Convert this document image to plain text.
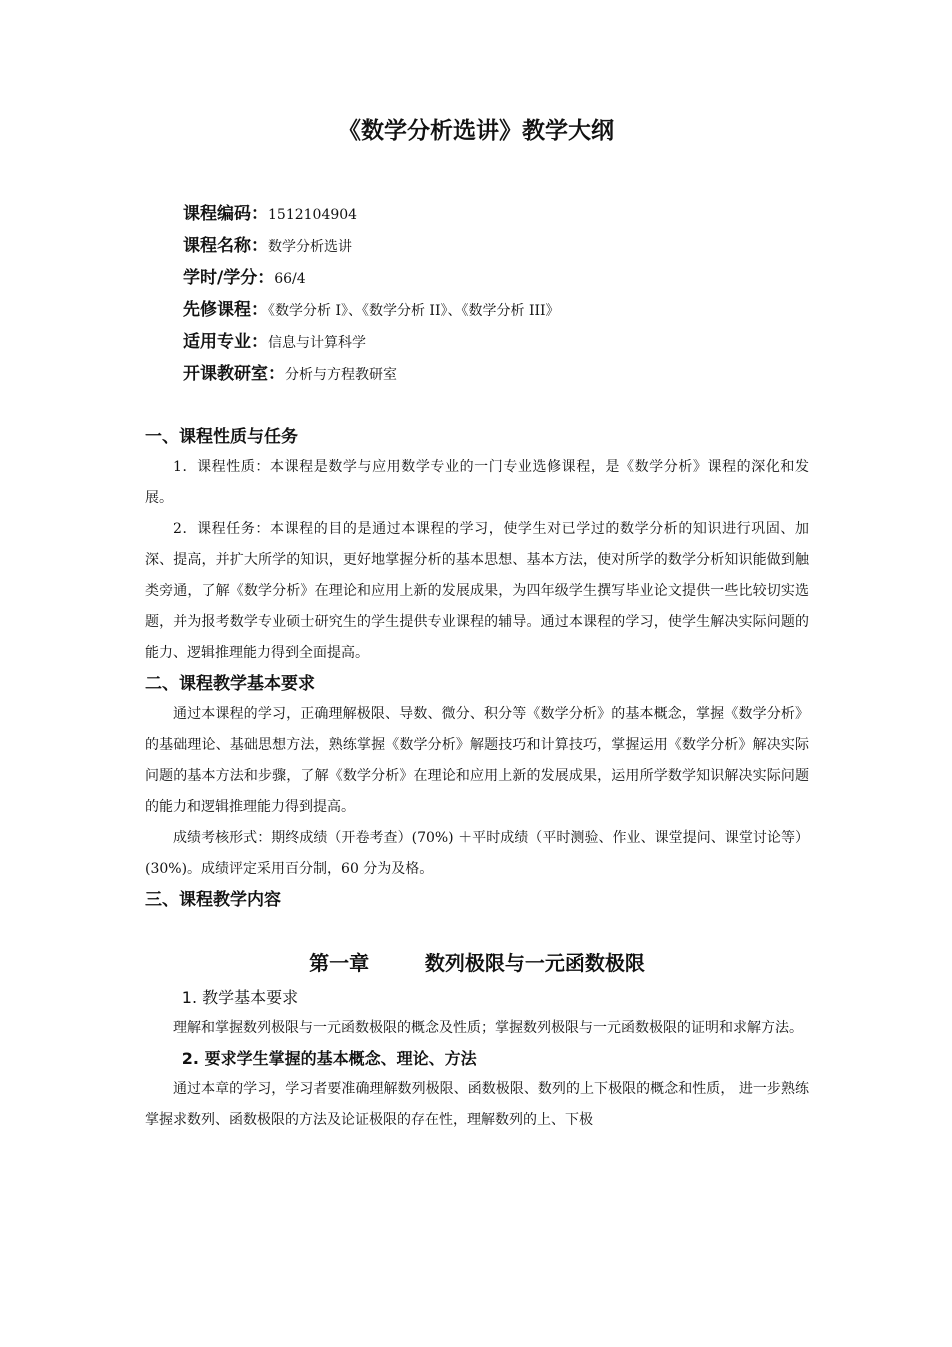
《数学分析选讲》教学大纲
课程编码：1512104904
课程名称：数学分析选讲
学时/学分：66/4
先修课程：《数学分析 I》、《数学分析 II》、《数学分析 III》
适用专业：信息与计算科学
开课教研室：分析与方程教研室
一、课程性质与任务

1．课程性质：本课程是数学与应用数学专业的一门专业选修课程，是《数学分析》课程的深化和发展。

2．课程任务：本课程的目的是通过本课程的学习，使学生对已学过的数学分析的知识进行巩固、加深、提高，并扩大所学的知识，更好地掌握分析的基本思想、基本方法，使对所学的数学分析知识能做到触类旁通，了解《数学分析》在理论和应用上新的发展成果，为四年级学生撰写毕业论文提供一些比较切实选题，并为报考数学专业硕士研究生的学生提供专业课程的辅导。通过本课程的学习，使学生解决实际问题的能力、逻辑推理能力得到全面提高。

二、课程教学基本要求

通过本课程的学习，正确理解极限、导数、微分、积分等《数学分析》的基本概念，掌握《数学分析》的基础理论、基础思想方法，熟练掌握《数学分析》解题技巧和计算技巧，掌握运用《数学分析》解决实际问题的基本方法和步骤，了解《数学分析》在理论和应用上新的发展成果，运用所学数学知识解决实际问题的能力和逻辑推理能力得到提高。

成绩考核形式：期终成绩（开卷考查）(70%) ＋平时成绩（平时测验、作业、课堂提问、课堂讨论等）(30%)。成绩评定采用百分制，60 分为及格。

三、课程教学内容
第一章        数列极限与一元函数极限
1. 教学基本要求

理解和掌握数列极限与一元函数极限的概念及性质；掌握数列极限与一元函数极限的证明和求解方法。

2. 要求学生掌握的基本概念、理论、方法

通过本章的学习，学习者要准确理解数列极限、函数极限、数列的上下极限的概念和性质， 进一步熟练掌握求数列、函数极限的方法及论证极限的存在性，理解数列的上、下极
